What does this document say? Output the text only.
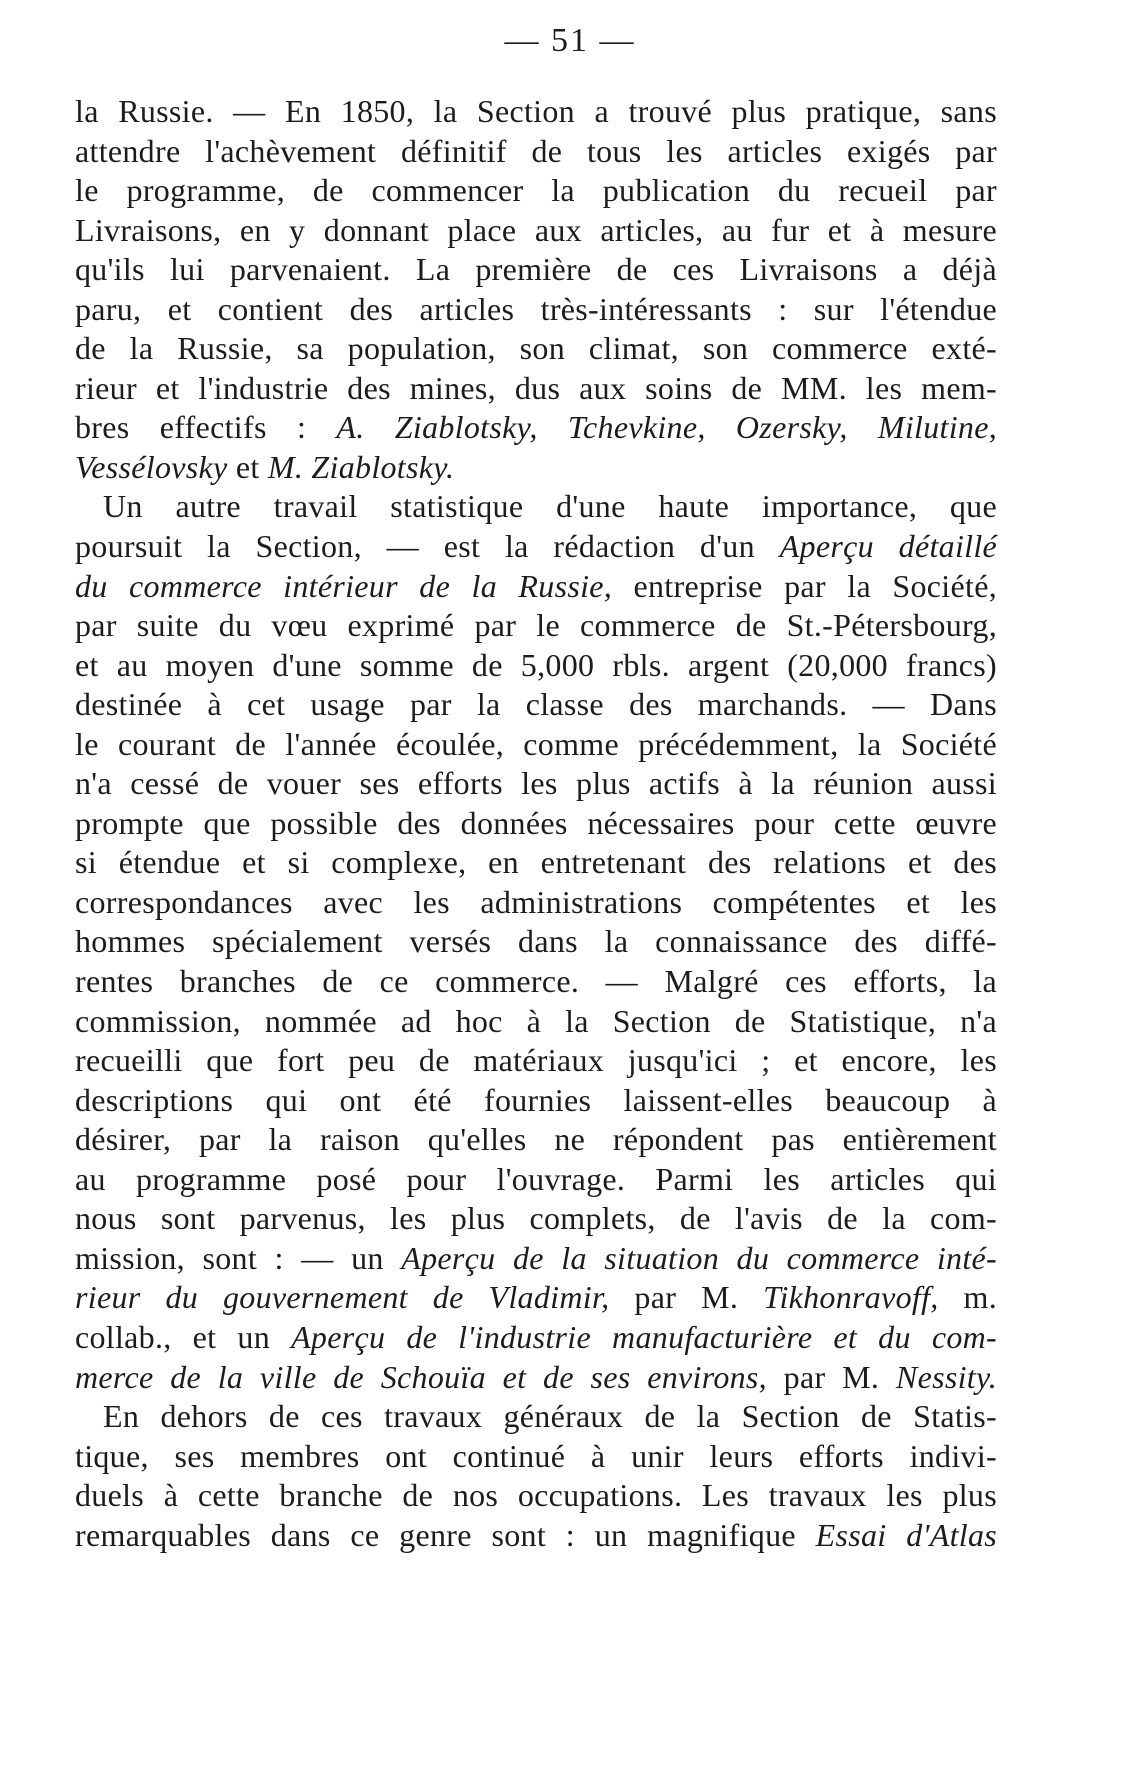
— 51 —
la Russie. — En 1850, la Section a trouvé plus pratique, sans
attendre l'achèvement définitif de tous les articles exigés par
le programme, de commencer la publication du recueil par
Livraisons, en y donnant place aux articles, au fur et à mesure
qu'ils lui parvenaient. La première de ces Livraisons a déjà
paru, et contient des articles très-intéressants : sur l'étendue
de la Russie, sa population, son climat, son commerce exté-
rieur et l'industrie des mines, dus aux soins de MM. les mem-
bres effectifs : A. Ziablotsky, Tchevkine, Ozersky, Milutine,
Vessélovsky et M. Ziablotsky.
Un autre travail statistique d'une haute importance, que
poursuit la Section, — est la rédaction d'un Aperçu détaillé
du commerce intérieur de la Russie, entreprise par la Société,
par suite du vœu exprimé par le commerce de St.-Pétersbourg,
et au moyen d'une somme de 5,000 rbls. argent (20,000 francs)
destinée à cet usage par la classe des marchands. — Dans
le courant de l'année écoulée, comme précédemment, la Société
n'a cessé de vouer ses efforts les plus actifs à la réunion aussi
prompte que possible des données nécessaires pour cette œuvre
si étendue et si complexe, en entretenant des relations et des
correspondances avec les administrations compétentes et les
hommes spécialement versés dans la connaissance des diffé-
rentes branches de ce commerce. — Malgré ces efforts, la
commission, nommée ad hoc à la Section de Statistique, n'a
recueilli que fort peu de matériaux jusqu'ici ; et encore, les
descriptions qui ont été fournies laissent-elles beaucoup à
désirer, par la raison qu'elles ne répondent pas entièrement
au programme posé pour l'ouvrage. Parmi les articles qui
nous sont parvenus, les plus complets, de l'avis de la com-
mission, sont : — un Aperçu de la situation du commerce inté-
rieur du gouvernement de Vladimir, par M. Tikhonravoff, m.
collab., et un Aperçu de l'industrie manufacturière et du com-
merce de la ville de Schouïa et de ses environs, par M. Nessity.
En dehors de ces travaux généraux de la Section de Statis-
tique, ses membres ont continué à unir leurs efforts indivi-
duels à cette branche de nos occupations. Les travaux les plus
remarquables dans ce genre sont : un magnifique Essai d'Atlas
